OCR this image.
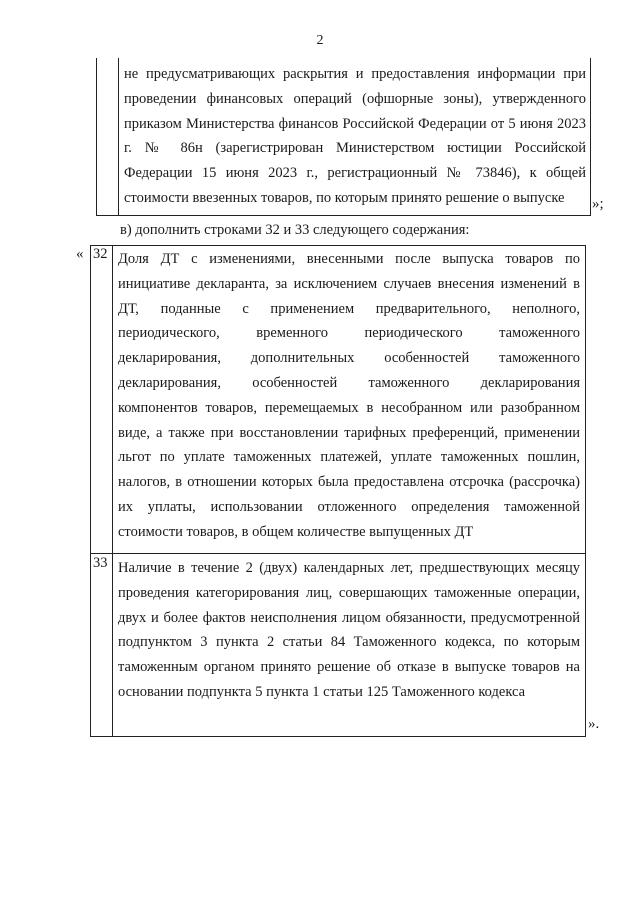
2
не предусматривающих раскрытия и предоставления информации при проведении финансовых операций (офшорные зоны), утвержденного приказом Министерства финансов Российской Федерации от 5 июня 2023 г. № 86н (зарегистрирован Министерством юстиции Российской Федерации 15 июня 2023 г., регистрационный № 73846), к общей стоимости ввезенных товаров, по которым принято решение о выпуске	»;
в) дополнить строками 32 и 33 следующего содержания:
« 32 Доля ДТ с изменениями, внесенными после выпуска товаров по инициативе декларанта, за исключением случаев внесения изменений в ДТ, поданные с применением предварительного, неполного, периодического, временного периодического таможенного декларирования, дополнительных особенностей таможенного декларирования, особенностей таможенного декларирования компонентов товаров, перемещаемых в несобранном или разобранном виде, а также при восстановлении тарифных преференций, применении льгот по уплате таможенных платежей, уплате таможенных пошлин, налогов, в отношении которых была предоставлена отсрочка (рассрочка) их уплаты, использовании отложенного определения таможенной стоимости товаров, в общем количестве выпущенных ДТ
33 Наличие в течение 2 (двух) календарных лет, предшествующих месяцу проведения категорирования лиц, совершающих таможенные операции, двух и более фактов неисполнения лицом обязанности, предусмотренной подпунктом 3 пункта 2 статьи 84 Таможенного кодекса, по которым таможенным органом принято решение об отказе в выпуске товаров на основании подпункта 5 пункта 1 статьи 125 Таможенного кодекса
».
